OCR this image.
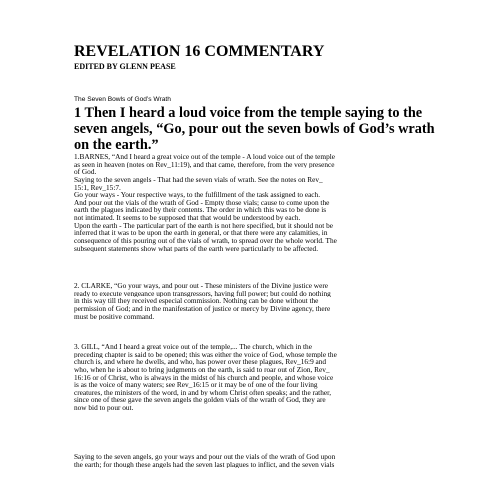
REVELATION 16 COMMENTARY
EDITED BY GLENN PEASE
The Seven Bowls of God’s Wrath
1 Then I heard a loud voice from the temple saying to the seven angels, “Go, pour out the seven bowls of God’s wrath on the earth.”
1.BARNES, “And I heard a great voice out of the temple - A loud voice out of the temple
as seen in heaven (notes on Rev_11:19), and that came, therefore, from the very presence
of God.
Saying to the seven angels - That had the seven vials of wrath. See the notes on Rev_
15:1, Rev_15:7.
Go your ways - Your respective ways, to the fulfillment of the task assigned to each.
And pour out the vials of the wrath of God - Empty those vials; cause to come upon the
earth the plagues indicated by their contents. The order in which this was to be done is
not intimated. It seems to be supposed that that would be understood by each.
Upon the earth - The particular part of the earth is not here specified, but it should not be
inferred that it was to be upon the earth in general, or that there were any calamities, in
consequence of this pouring out of the vials of wrath, to spread over the whole world. The
subsequent statements show what parts of the earth were particularly to be affected.
2. CLARKE, “Go your ways, and pour out - These ministers of the Divine justice were
ready to execute vengeance upon transgressors, having full power; but could do nothing
in this way till they received especial commission. Nothing can be done without the
permission of God; and in the manifestation of justice or mercy by Divine agency, there
must be positive command.
3. GILL, “And I heard a great voice out of the temple,... The church, which in the
preceding chapter is said to be opened; this was either the voice of God, whose temple the
church is, and where he dwells, and who, has power over these plagues, Rev_16:9 and
who, when he is about to bring judgments on the earth, is said to roar out of Zion, Rev_
16:16 or of Christ, who is always in the midst of his church and people, and whose voice
is as the voice of many waters; see Rev_16:15 or it may be of one of the four living
creatures, the ministers of the word, in and by whom Christ often speaks; and the rather,
since one of these gave the seven angels the golden vials of the wrath of God, they are
now bid to pour out.
Saying to the seven angels, go your ways and pour out the vials of the wrath of God upon
the earth; for though these angels had the seven last plagues to inflict, and the seven vials
